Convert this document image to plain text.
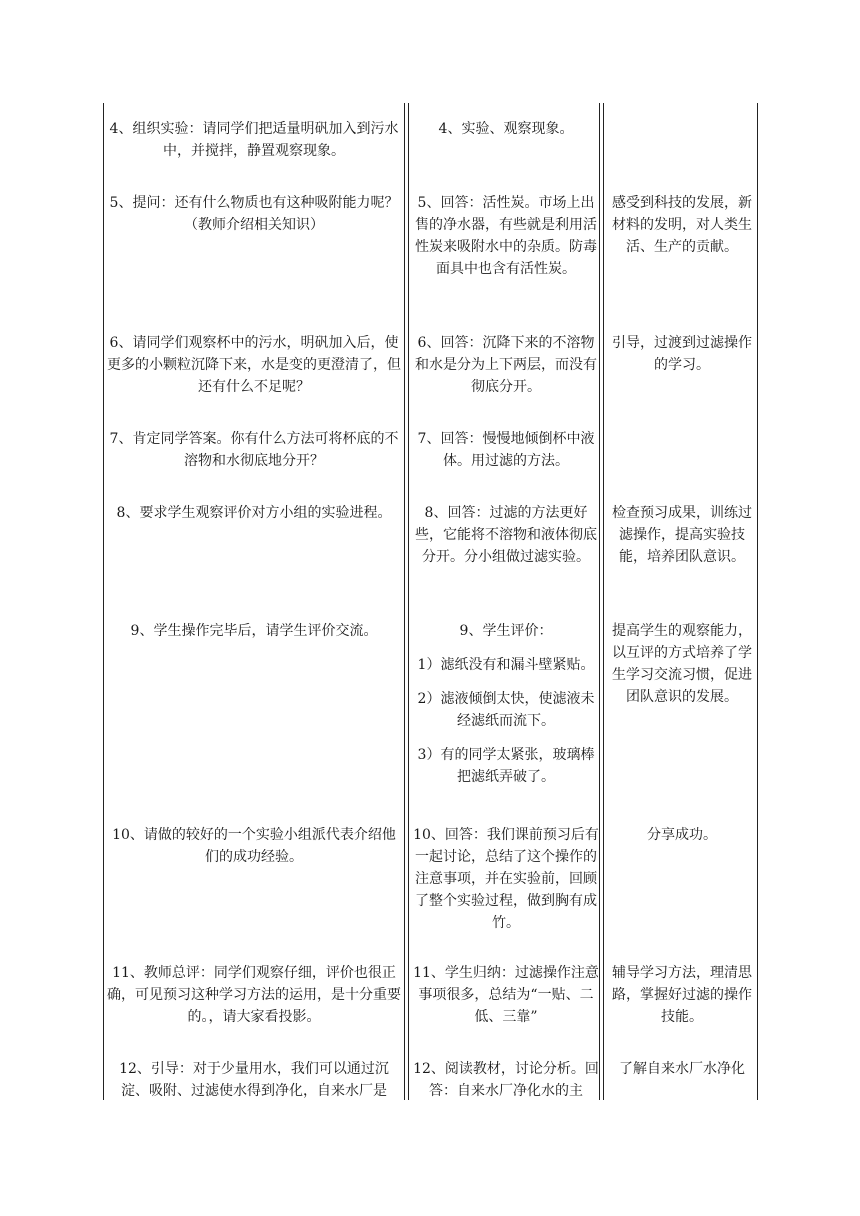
4、组织实验：请同学们把适量明矾加入到污水中，并搅拌，静置观察现象。

4、实验、观察现象。

5、提问：还有什么物质也有这种吸附能力呢？（教师介绍相关知识）

5、回答：活性炭。市场上出售的净水器，有些就是利用活性炭来吸附水中的杂质。防毒面具中也含有活性炭。

感受到科技的发展，新材料的发明，对人类生活、生产的贡献。
6、请同学们观察杯中的污水，明矾加入后，使更多的小颗粒沉降下来，水是变的更澄清了，但还有什么不足呢？

6、回答：沉降下来的不溶物和水是分为上下两层，而没有彻底分开。

引导，过渡到过滤操作的学习。
7、肯定同学答案。你有什么方法可将杯底的不溶物和水彻底地分开？

7、回答：慢慢地倾倒杯中液体。用过滤的方法。

8、要求学生观察评价对方小组的实验进程。	8、回答：过滤的方法更好些，它能将不溶物和液体彻底分开。分小组做过滤实验。

检查预习成果，训练过滤操作，提高实验技能，培养团队意识。
9、学生操作完毕后，请学生评价交流。	9、学生评价：

1）滤纸没有和漏斗壁紧贴。

2）滤液倾倒太快，使滤液未经滤纸而流下。

3）有的同学太紧张，玻璃棒把滤纸弄破了。

提高学生的观察能力，以互评的方式培养了学生学习交流习惯，促进团队意识的发展。
10、请做的较好的一个实验小组派代表介绍他们的成功经验。

10、回答：我们课前预习后有一起讨论，总结了这个操作的注意事项，并在实验前，回顾了整个实验过程，做到胸有成竹。

分享成功。
11、教师总评：同学们观察仔细，评价也很正确，可见预习这种学习方法的运用，是十分重要的。，请大家看投影。

11、学生归纳：过滤操作注意事项很多，总结为“一贴、二低、三靠”

辅导学习方法，理清思路，掌握好过滤的操作技能。
12、引导：对于少量用水，我们可以通过沉淀、吸附、过滤使水得到净化，自来水厂是

12、阅读教材，讨论分析。回答：自来水厂净化水的主

了解自来水厂水净化
